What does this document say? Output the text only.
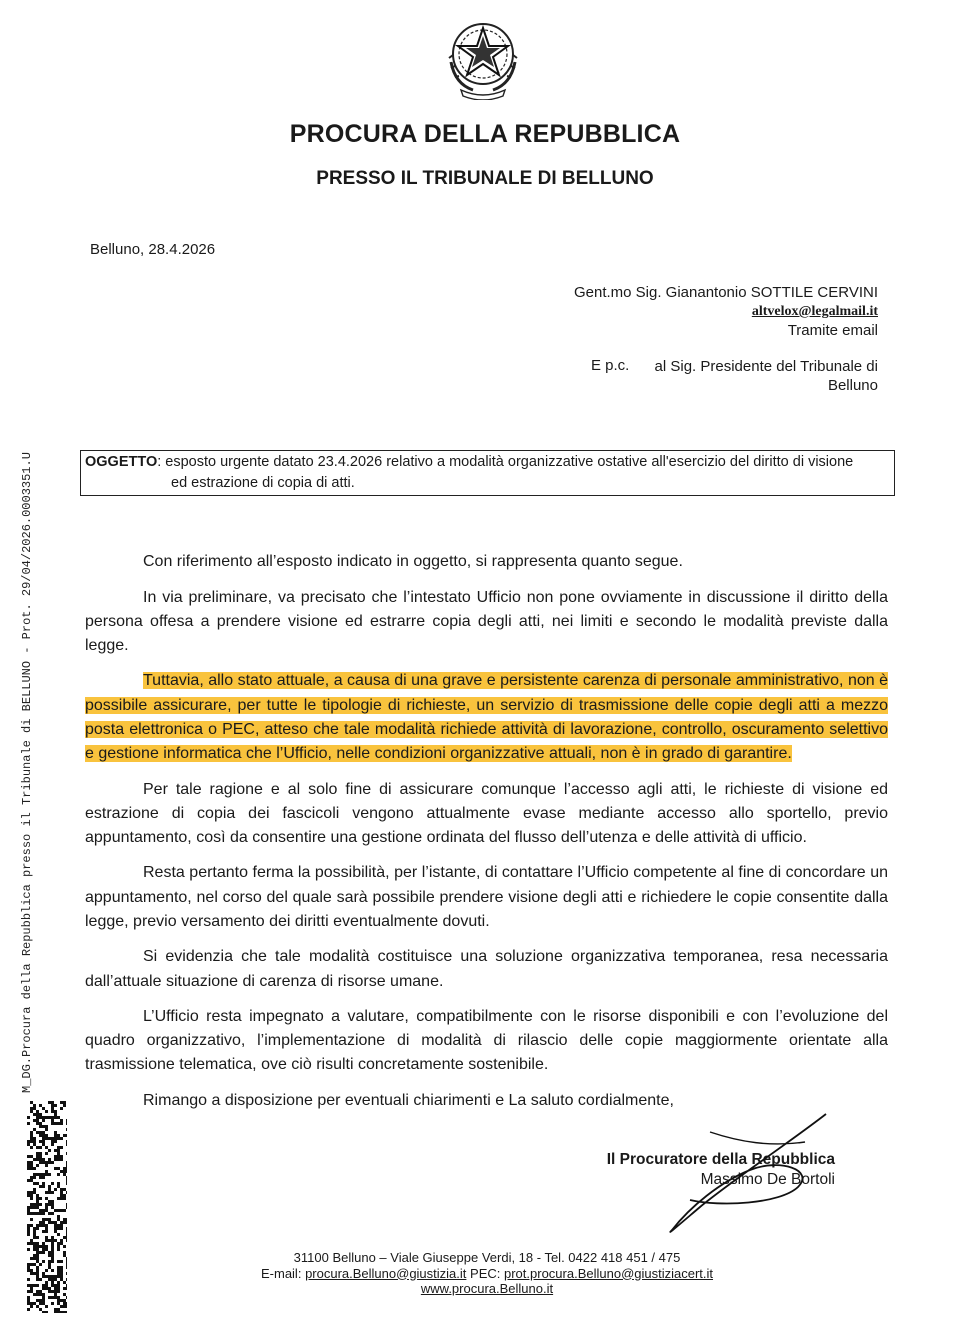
PROCURA DELLA REPUBBLICA
PRESSO IL TRIBUNALE DI BELLUNO
Belluno, 28.4.2026
Gent.mo Sig. Gianantonio SOTTILE CERVINI
altvelox@legalmail.it
Tramite email
E p.c. al Sig. Presidente del Tribunale di
Belluno
OGGETTO: esposto urgente datato 23.4.2026 relativo a modalità organizzative ostative all'esercizio del diritto di visione
ed estrazione di copia di atti.

Con riferimento all’esposto indicato in oggetto, si rappresenta quanto segue.

In via preliminare, va precisato che l’intestato Ufficio non pone ovviamente in discussione il diritto della persona offesa a prendere visione ed estrarre copia degli atti, nei limiti e secondo le modalità previste dalla legge.

Tuttavia, allo stato attuale, a causa di una grave e persistente carenza di personale amministrativo, non è possibile assicurare, per tutte le tipologie di richieste, un servizio di trasmissione delle copie degli atti a mezzo posta elettronica o PEC, atteso che tale modalità richiede attività di lavorazione, controllo, oscuramento selettivo e gestione informatica che l’Ufficio, nelle condizioni organizzative attuali, non è in grado di garantire.

Per tale ragione e al solo fine di assicurare comunque l’accesso agli atti, le richieste di visione ed estrazione di copia dei fascicoli vengono attualmente evase mediante accesso allo sportello, previo appuntamento, così da consentire una gestione ordinata del flusso dell’utenza e delle attività di ufficio.

Resta pertanto ferma la possibilità, per l’istante, di contattare l’Ufficio competente al fine di concordare un appuntamento, nel corso del quale sarà possibile prendere visione degli atti e richiedere le copie consentite dalla legge, previo versamento dei diritti eventualmente dovuti.

Si evidenzia che tale modalità costituisce una soluzione organizzativa temporanea, resa necessaria dall’attuale situazione di carenza di risorse umane.

L’Ufficio resta impegnato a valutare, compatibilmente con le risorse disponibili e con l’evoluzione del quadro organizzativo, l’implementazione di modalità di rilascio delle copie maggiormente orientate alla trasmissione telematica, ove ciò risulti concretamente sostenibile.

Rimango a disposizione per eventuali chiarimenti e La saluto cordialmente,

Il Procuratore della Repubblica
Massimo De Bortoli
31100 Belluno – Viale Giuseppe Verdi, 18 - Tel. 0422 418 451 / 475
E-mail: procura.Belluno@giustizia.it PEC: prot.procura.Belluno@giustiziacert.it
www.procura.Belluno.it
M_DG.Procura della Repubblica presso il Tribunale di BELLUNO - Prot. 29/04/2026.0003351.U
